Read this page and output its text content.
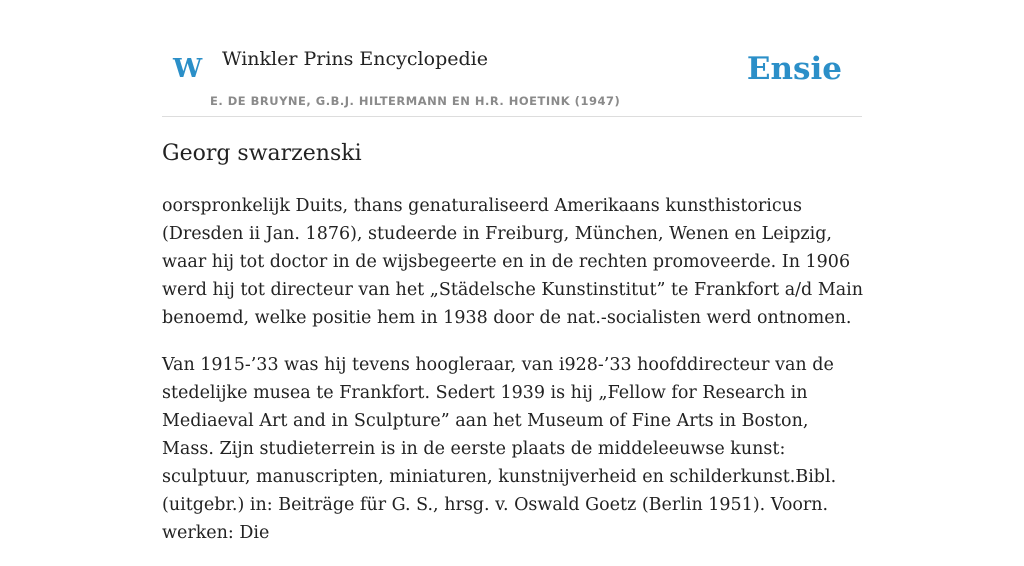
W Winkler Prins Encyclopedie
E. DE BRUYNE, G.B.J. HILTERMANN EN H.R. HOETINK (1947)
Ensie
Georg swarzenski

oorspronkelijk Duits, thans genaturaliseerd Amerikaans kunsthistoricus (Dresden ii Jan. 1876), studeerde in Freiburg, München, Wenen en Leipzig, waar hij tot doctor in de wijsbegeerte en in de rechten promoveerde. In 1906 werd hij tot directeur van het „Städelsche Kunstinstitut” te Frankfort a/d Main benoemd, welke positie hem in 1938 door de nat.-socialisten werd ontnomen.

Van 1915-’33 was hij tevens hoogleraar, van i928-’33 hoofddirecteur van de stedelijke musea te Frankfort. Sedert 1939 is hij „Fellow for Research in Mediaeval Art and in Sculpture” aan het Museum of Fine Arts in Boston, Mass. Zijn studieterrein is in de eerste plaats de middeleeuwse kunst: sculptuur, manuscripten, miniaturen, kunstnijverheid en schilderkunst.Bibl. (uitgebr.) in: Beiträge für G. S., hrsg. v. Oswald Goetz (Berlin 1951). Voorn. werken: Die
